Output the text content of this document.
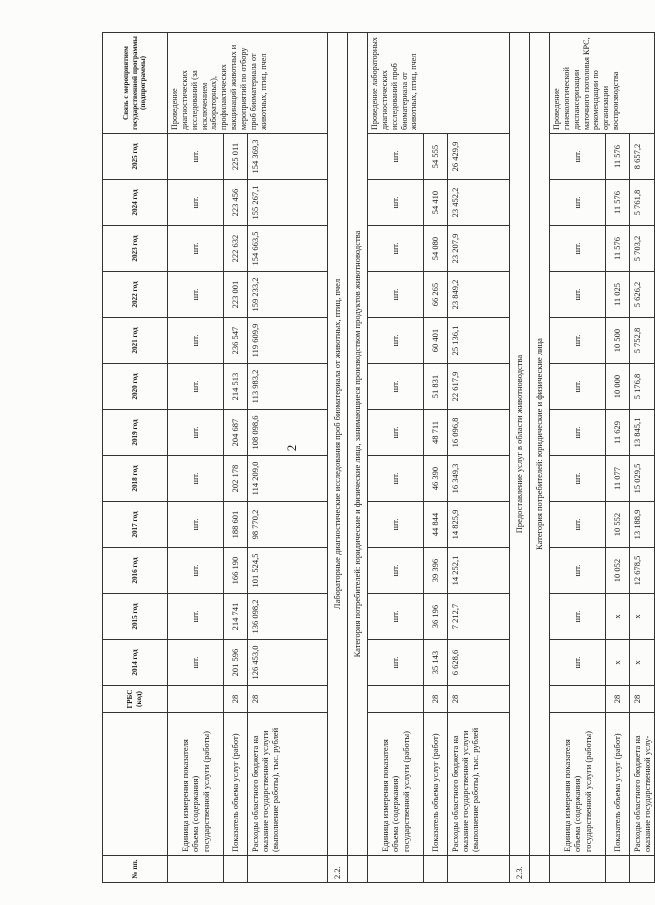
2
№ пп.		ГРБС (код)	2014 год	2015 год	2016 год	2017 год	2018 год	2019 год	2020 год	2021 год	2022 год	2023 год	2024 год	2025 год	Связь с мероприятием государственной программы (подпрограммы)
	Единица измерения показателя объема (содержания) государственной услуги (работы)		шт.	шт.	шт.	шт.	шт.	шт.	шт.	шт.	шт.	шт.	шт.	шт.	Проведение диагностических исследований (за исключением лабораторных), профилактических вакцинаций животных и мероприятий по отбору проб биоматериала от животных, птиц, пчел
	Показатель объема услуг (работ)	28	201 596	214 741	166 190	188 601	202 178	204 687	214 513	236 547	223 001	222 632	223 456	225 011	
	Расходы областного бюджета на оказание государственной услуги (выполнение работы), тыс. рублей	28	126 453,0	136 098,2	101 524,5	98 770,2	114 209,0	108 098,6	113 983,2	119 609,9	159 233,2	154 663,5	155 267,1	154 369,3	
2.2.	Лабораторные диагностические исследования проб биоматериала от животных, птиц, пчел														
	Категория потребителей: юридические и физические лица, занимающиеся производством продуктов животноводства														
	Единица измерения показателя объема (содержания) государственной услуги (работы)		шт.	шт.	шт.	шт.	шт.	шт.	шт.	шт.	шт.	шт.	шт.	шт.	Проведение лабораторных диагностических исследований проб биоматериала от животных, птиц, пчел
	Показатель объема услуг (работ)	28	35 143	36 196	39 396	44 844	46 390	48 711	51 831	60 401	66 265	54 080	54 410	54 555	
	Расходы областного бюджета на оказание государственной услуги (выполнение работы), тыс. рублей	28	6 628,6	7 212,7	14 252,1	14 825,9	16 349,3	16 096,8	22 617,9	25 136,1	23 849,2	23 207,9	23 452,2	26 429,9	
2.3.	Предоставление услуг в области животноводства														
	Категория потребителей: юридические и физические лица														
	Единица измерения показателя объема (содержания) государственной услуги (работы)		шт.	шт.	шт.	шт.	шт.	шт.	шт.	шт.	шт.	шт.	шт.	шт.	Проведение гинекологической диспансеризации маточного поголовья КРС, рекомендации по организации воспроизводства
	Показатель объема услуг (работ)	28	х	х	10 052	10 552	11 077	11 629	10 000	10 500	11 025	11 576	11 576	11 576	
	Расходы областного бюджета на оказание государственной услу-	28	х	х	12 678,5	13 188,9	15 029,5	13 845,1	5 176,8	5 752,8	5 626,2	5 703,2	5 761,8	8 657,2	
